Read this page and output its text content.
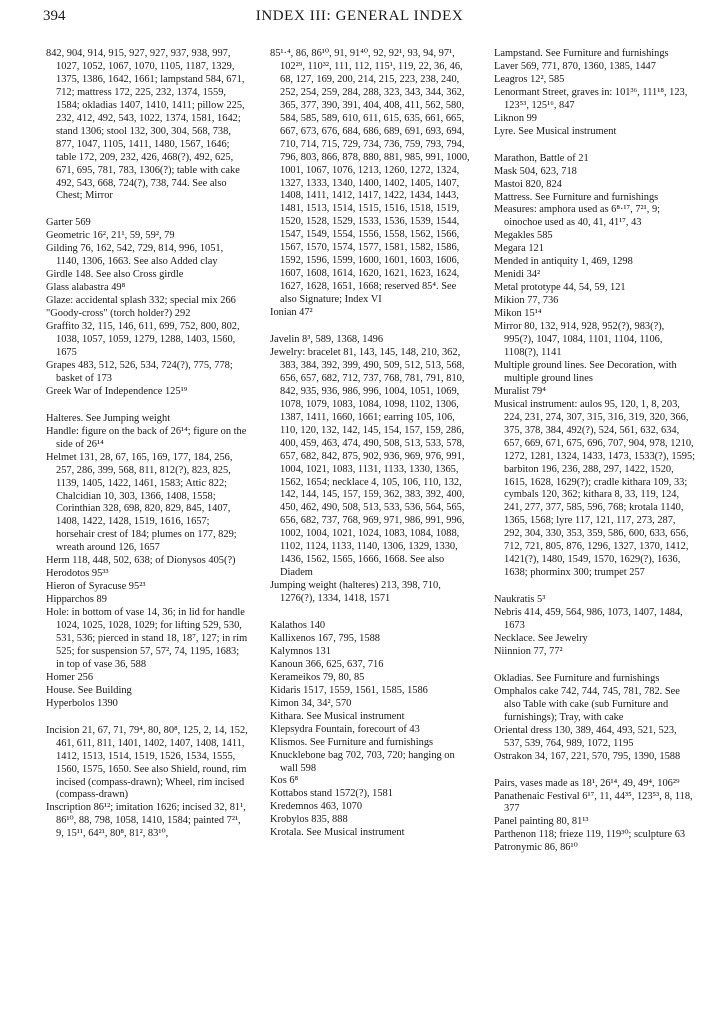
394	INDEX III: GENERAL INDEX

842, 904, 914, 915, 927, 927, 937, 938, 997, 1027, 1052, 1067, 1070, 1105, 1187, 1329, 1375, 1386, 1642, 1661; lampstand 584, 671, 712; mattress 172, 225, 232, 1374, 1559, 1584; okladias 1407, 1410, 1411; pillow 225, 232, 412, 492, 543, 1022, 1374, 1581, 1642; stand 1306; stool 132, 300, 304, 568, 738, 877, 1047, 1105, 1411, 1480, 1567, 1646; table 172, 209, 232, 426, 468(?), 492, 625, 671, 695, 781, 783, 1306(?); table with cake 492, 543, 668, 724(?), 738, 744. See also Chest; Mirror

Garter 569

Geometric 16², 21¹, 59, 59², 79

Gilding 76, 162, 542, 729, 814, 996, 1051, 1140, 1306, 1663. See also Added clay

Girdle 148. See also Cross girdle

Glass alabastra 49⁸

Glaze: accidental splash 332; special mix 266

"Goody-cross" (torch holder?) 292

Graffito 32, 115, 146, 611, 699, 752, 800, 802, 1038, 1057, 1059, 1279, 1288, 1403, 1560, 1675

Grapes 483, 512, 526, 534, 724(?), 775, 778; basket of 173

Greek War of Independence 125¹⁹

Halteres. See Jumping weight

Handle: figure on the back of 26¹⁴; figure on the side of 26¹⁴

Helmet 131, 28, 67, 165, 169, 177, 184, 256, 257, 286, 399, 568, 811, 812(?), 823, 825, 1139, 1405, 1422, 1461, 1583; Attic 822; Chalcidian 10, 303, 1366, 1408, 1558; Corinthian 328, 698, 820, 829, 845, 1407, 1408, 1422, 1428, 1519, 1616, 1657; horsehair crest of 184; plumes on 177, 829; wreath around 126, 1657

Herm 118, 448, 502, 638; of Dionysos 405(?)

Herodotos 95³³

Hieron of Syracuse 95²³

Hipparchos 89

Hole: in bottom of vase 14, 36; in lid for handle 1024, 1025, 1028, 1029; for lifting 529, 530, 531, 536; pierced in stand 18, 18⁷, 127; in rim 525; for suspension 57, 57², 74, 1195, 1683; in top of vase 36, 588

Homer 256

House. See Building

Hyperbolos 1390

Incision 21, 67, 71, 79⁴, 80, 80⁸, 125, 2, 14, 152, 461, 611, 811, 1401, 1402, 1407, 1408, 1411, 1412, 1513, 1514, 1519, 1526, 1534, 1555, 1560, 1575, 1650. See also Shield, round, rim incised (compass-drawn); Wheel, rim incised (compass-drawn)

Inscription 86¹²; imitation 1626; incised 32, 81¹, 86¹⁰, 88, 798, 1058, 1410, 1584; painted 7²¹, 9, 15¹¹, 64²¹, 80⁸, 81², 83¹⁰,

85¹·⁴, 86, 86¹⁰, 91, 91⁴⁰, 92, 92¹, 93, 94, 97¹, 102²⁹, 110³², 111, 112, 115¹, 119, 22, 36, 46, 68, 127, 169, 200, 214, 215, 223, 238, 240, 252, 254, 259, 284, 288, 323, 343, 344, 362, 365, 377, 390, 391, 404, 408, 411, 562, 580, 584, 585, 589, 610, 611, 615, 635, 661, 665, 667, 673, 676, 684, 686, 689, 691, 693, 694, 710, 714, 715, 729, 734, 736, 759, 793, 794, 796, 803, 866, 878, 880, 881, 985, 991, 1000, 1001, 1067, 1076, 1213, 1260, 1272, 1324, 1327, 1333, 1340, 1400, 1402, 1405, 1407, 1408, 1411, 1412, 1417, 1422, 1434, 1443, 1481, 1513, 1514, 1515, 1516, 1518, 1519, 1520, 1528, 1529, 1533, 1536, 1539, 1544, 1547, 1549, 1554, 1556, 1558, 1562, 1566, 1567, 1570, 1574, 1577, 1581, 1582, 1586, 1592, 1596, 1599, 1600, 1601, 1603, 1606, 1607, 1608, 1614, 1620, 1621, 1623, 1624, 1627, 1628, 1651, 1668; reserved 85⁴. See also Signature; Index VI

Ionian 47²

Javelin 8³, 589, 1368, 1496

Jewelry: bracelet 81, 143, 145, 148, 210, 362, 383, 384, 392, 399, 490, 509, 512, 513, 568, 656, 657, 682, 712, 737, 768, 781, 791, 810, 842, 935, 936, 986, 996, 1004, 1051, 1069, 1078, 1079, 1083, 1084, 1098, 1102, 1306, 1387, 1411, 1660, 1661; earring 105, 106, 110, 120, 132, 142, 145, 154, 157, 159, 286, 400, 459, 463, 474, 490, 508, 513, 533, 578, 657, 682, 842, 875, 902, 936, 969, 976, 991, 1004, 1021, 1083, 1131, 1133, 1330, 1365, 1562, 1654; necklace 4, 105, 106, 110, 132, 142, 144, 145, 157, 159, 362, 383, 392, 400, 450, 462, 490, 508, 513, 533, 536, 564, 565, 656, 682, 737, 768, 969, 971, 986, 991, 996, 1002, 1004, 1021, 1024, 1083, 1084, 1088, 1102, 1124, 1133, 1140, 1306, 1329, 1330, 1436, 1562, 1565, 1666, 1668. See also Diadem

Jumping weight (halteres) 213, 398, 710, 1276(?), 1334, 1418, 1571

Kalathos 140

Kallixenos 167, 795, 1588

Kalymnos 131

Kanoun 366, 625, 637, 716

Kerameikos 79, 80, 85

Kidaris 1517, 1559, 1561, 1585, 1586

Kimon 34, 34², 570

Kithara. See Musical instrument

Klepsydra Fountain, forecourt of 43

Klismos. See Furniture and furnishings

Knucklebone bag 702, 703, 720; hanging on wall 598

Kos 6⁸

Kottabos stand 1572(?), 1581

Kredemnos 463, 1070

Krobylos 835, 888

Krotala. See Musical instrument

Lampstand. See Furniture and furnishings

Laver 569, 771, 870, 1360, 1385, 1447

Leagros 12², 585

Lenormant Street, graves in: 101³⁶, 111¹⁸, 123, 123⁵³, 125¹⁶, 847

Liknon 99

Lyre. See Musical instrument

Marathon, Battle of 21

Mask 504, 623, 718

Mastoi 820, 824

Mattress. See Furniture and furnishings

Measures: amphora used as 6⁸·¹⁷, 7²¹, 9; oinochoe used as 40, 41, 41¹⁷, 43

Megakles 585

Megara 121

Mended in antiquity 1, 469, 1298

Menidi 34²

Metal prototype 44, 54, 59, 121

Mikion 77, 736

Mikon 15¹⁴

Mirror 80, 132, 914, 928, 952(?), 983(?), 995(?), 1047, 1084, 1101, 1104, 1106, 1108(?), 1141

Multiple ground lines. See Decoration, with multiple ground lines

Muralist 79⁴

Musical instrument: aulos 95, 120, 1, 8, 203, 224, 231, 274, 307, 315, 316, 319, 320, 366, 375, 378, 384, 492(?), 524, 561, 632, 634, 657, 669, 671, 675, 696, 707, 904, 978, 1210, 1272, 1281, 1324, 1433, 1473, 1533(?), 1595; barbiton 196, 236, 288, 297, 1422, 1520, 1615, 1628, 1629(?); cradle kithara 109, 33; cymbals 120, 362; kithara 8, 33, 119, 124, 241, 277, 377, 585, 596, 768; krotala 1140, 1365, 1568; lyre 117, 121, 117, 273, 287, 292, 304, 330, 353, 359, 586, 600, 633, 656, 712, 721, 805, 876, 1296, 1327, 1370, 1412, 1421(?), 1480, 1549, 1570, 1629(?), 1636, 1638; phorminx 300; trumpet 257

Naukratis 5³

Nebris 414, 459, 564, 986, 1073, 1407, 1484, 1673

Necklace. See Jewelry

Niinnion 77, 77²

Okladias. See Furniture and furnishings

Omphalos cake 742, 744, 745, 781, 782. See also Table with cake (sub Furniture and furnishings); Tray, with cake

Oriental dress 130, 389, 464, 493, 521, 523, 537, 539, 764, 989, 1072, 1195

Ostrakon 34, 167, 221, 570, 795, 1390, 1588

Pairs, vases made as 18¹, 26¹⁴, 49, 49⁴, 106²⁹

Panathenaic Festival 6¹⁷, 11, 44³⁵, 123⁵³, 8, 118, 377

Panel painting 80, 81¹³

Parthenon 118; frieze 119, 119³⁰; sculpture 63

Patronymic 86, 86¹⁰
